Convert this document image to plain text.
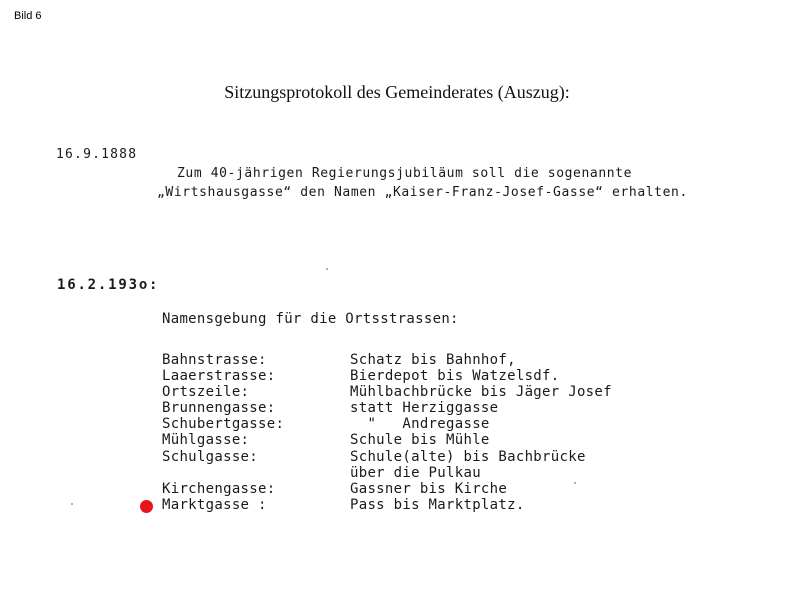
Bild 6
Sitzungsprotokoll des Gemeinderates (Auszug):
16.9.1888
Zum 40-jährigen Regierungsjubiläum soll die sogenannte
„Wirtshausgasse“ den Namen „Kaiser-Franz-Josef-Gasse“ erhalten.
16.2.193o:
Namensgebung für die Ortsstrassen:
Bahnstrasse:	Schatz bis Bahnhof,
Laaerstrasse:	Bierdepot bis Watzelsdf.
Ortszeile:	Mühlbachbrücke bis Jäger Josef
Brunnengasse:	statt Herziggasse
Schubertgasse:	"   Andregasse
Mühlgasse:	Schule bis Mühle
Schulgasse:	Schule(alte) bis Bachbrücke
über die Pulkau
Kirchengasse:	Gassner bis Kirche
Marktgasse :	Pass bis Marktplatz.
